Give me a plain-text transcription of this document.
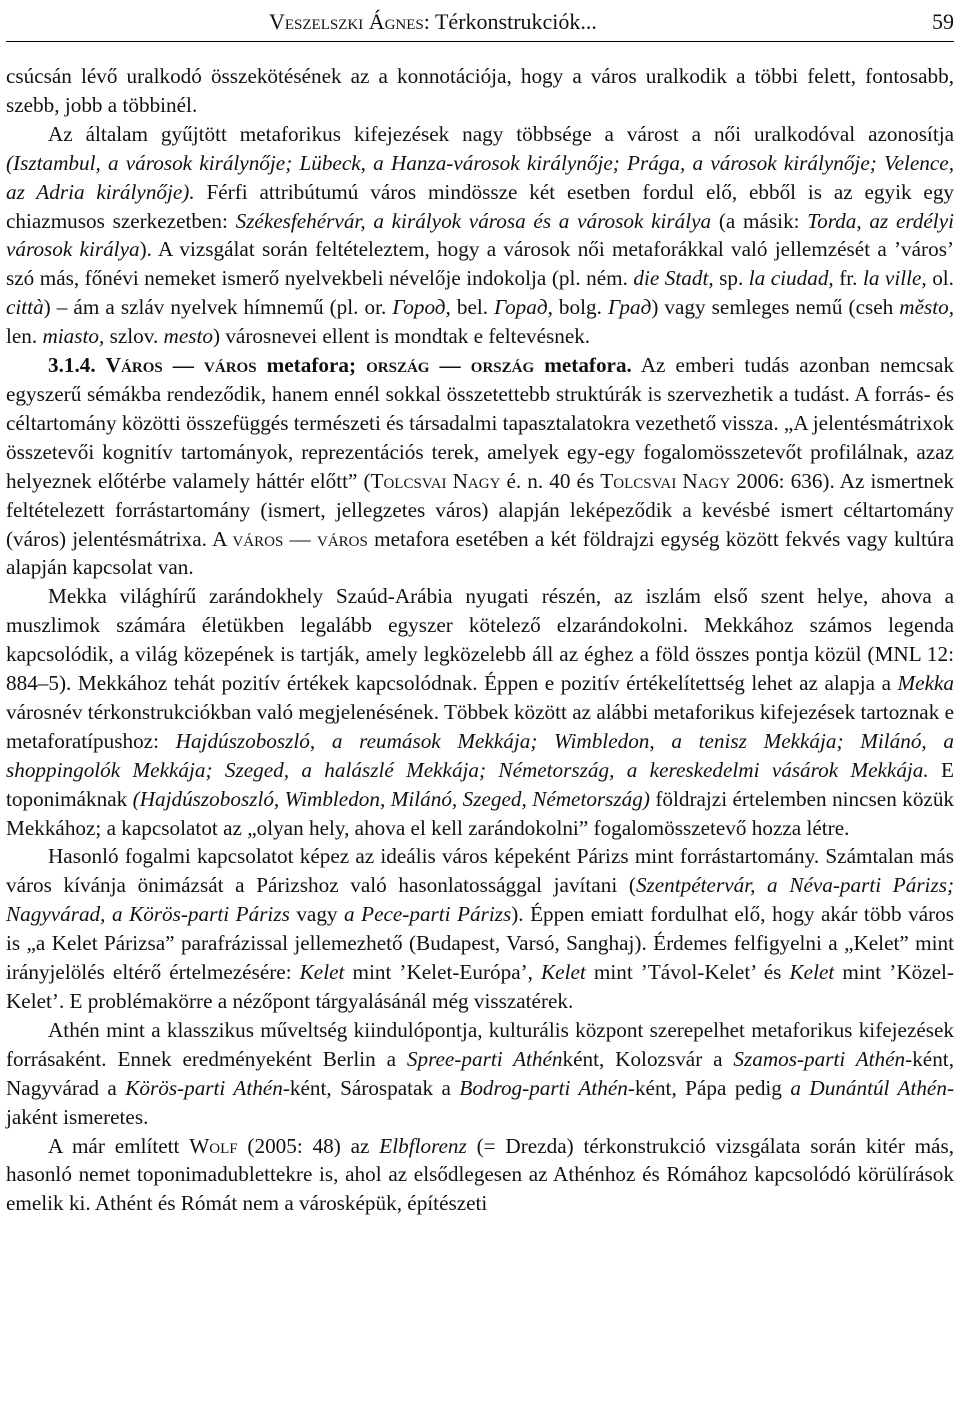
Veszelszki Ágnes: Térkonstrukciók...	59

csúcsán lévő uralkodó összekötésének az a konnotációja, hogy a város uralkodik a többi felett, fontosabb, szebb, jobb a többinél.

Az általam gyűjtött metaforikus kifejezések nagy többsége a várost a női uralkodóval azonosítja (Isztambul, a városok királynője; Lübeck, a Hanza-városok királynője; Prága, a városok királynője; Velence, az Adria királynője). Férfi attribútumú város mindössze két esetben fordul elő, ebből is az egyik egy chiazmusos szerkezetben: Székesfehérvár, a királyok városa és a városok királya (a másik: Torda, az erdélyi városok királya). A vizsgálat során feltételeztem, hogy a városok női metaforákkal való jellemzését a ’város’ szó más, főnévi nemeket ismerő nyelvekbeli névelője indokolja (pl. ném. die Stadt, sp. la ciudad, fr. la ville, ol. città) – ám a szláv nyelvek hímnemű (pl. or. Город, bel. Горад, bolg. Град) vagy semleges nemű (cseh město, len. miasto, szlov. mesto) városnevei ellent is mondtak e feltevésnek.

3.1.4. Város — város metafora; ország — ország metafora. Az emberi tudás azonban nemcsak egyszerű sémákba rendeződik, hanem ennél sokkal összetettebb struktúrák is szervezhetik a tudást. A forrás- és céltartomány közötti összefüggés természeti és társadalmi tapasztalatokra vezethető vissza. „A jelentésmátrixok összetevői kognitív tartományok, reprezentációs terek, amelyek egy-egy fogalomösszetevőt profilálnak, azaz helyeznek előtérbe valamely háttér előtt” (Tolcsvai Nagy é. n. 40 és Tolcsvai Nagy 2006: 636). Az ismertnek feltételezett forrástartomány (ismert, jellegzetes város) alapján leképeződik a kevésbé ismert céltartomány (város) jelentésmátrixa. A város — város metafora esetében a két földrajzi egység között fekvés vagy kultúra alapján kapcsolat van.

Mekka világhírű zarándokhely Szaúd-Arábia nyugati részén, az iszlám első szent helye, ahova a muszlimok számára életükben legalább egyszer kötelező elzarándokolni. Mekkához számos legenda kapcsolódik, a világ közepének is tartják, amely legközelebb áll az éghez a föld összes pontja közül (MNL 12: 884–5). Mekkához tehát pozitív értékek kapcsolódnak. Éppen e pozitív értékelítettség lehet az alapja a Mekka városnév térkonstrukciókban való megjelenésének. Többek között az alábbi metaforikus kifejezések tartoznak e metaforatípushoz: Hajdúszoboszló, a reumások Mekkája; Wimbledon, a tenisz Mekkája; Milánó, a shoppingolók Mekkája; Szeged, a halászlé Mekkája; Németország, a kereskedelmi vásárok Mekkája. E toponimáknak (Hajdúszoboszló, Wimbledon, Milánó, Szeged, Németország) földrajzi értelemben nincsen közük Mekkához; a kapcsolatot az „olyan hely, ahova el kell zarándokolni” fogalomösszetevő hozza létre.

Hasonló fogalmi kapcsolatot képez az ideális város képeként Párizs mint forrástartomány. Számtalan más város kívánja önimázsát a Párizshoz való hasonlatossággal javítani (Szentpétervár, a Néva-parti Párizs; Nagyvárad, a Körös-parti Párizs vagy a Pece-parti Párizs). Éppen emiatt fordulhat elő, hogy akár több város is „a Kelet Párizsa” parafrázissal jellemezhető (Budapest, Varsó, Sanghaj). Érdemes felfigyelni a „Kelet” mint irányjelölés eltérő értelmezésére: Kelet mint ’Kelet-Európa’, Kelet mint ’Távol-Kelet’ és Kelet mint ’Közel-Kelet’. E problémakörre a nézőpont tárgyalásánál még visszatérek.

Athén mint a klasszikus műveltség kiindulópontja, kulturális központ szerepelhet metaforikus kifejezések forrásaként. Ennek eredményeként Berlin a Spree-parti Athénként, Kolozsvár a Szamos-parti Athén-ként, Nagyvárad a Körös-parti Athén-ként, Sárospatak a Bodrog-parti Athén-ként, Pápa pedig a Dunántúl Athén-jaként ismeretes.

A már említett Wolf (2005: 48) az Elbflorenz (= Drezda) térkonstrukció vizsgálata során kitér más, hasonló nemet toponimadublettekre is, ahol az elsődlegesen az Athénhoz és Rómához kapcsolódó körülírások emelik ki. Athént és Rómát nem a városképük, építészeti
